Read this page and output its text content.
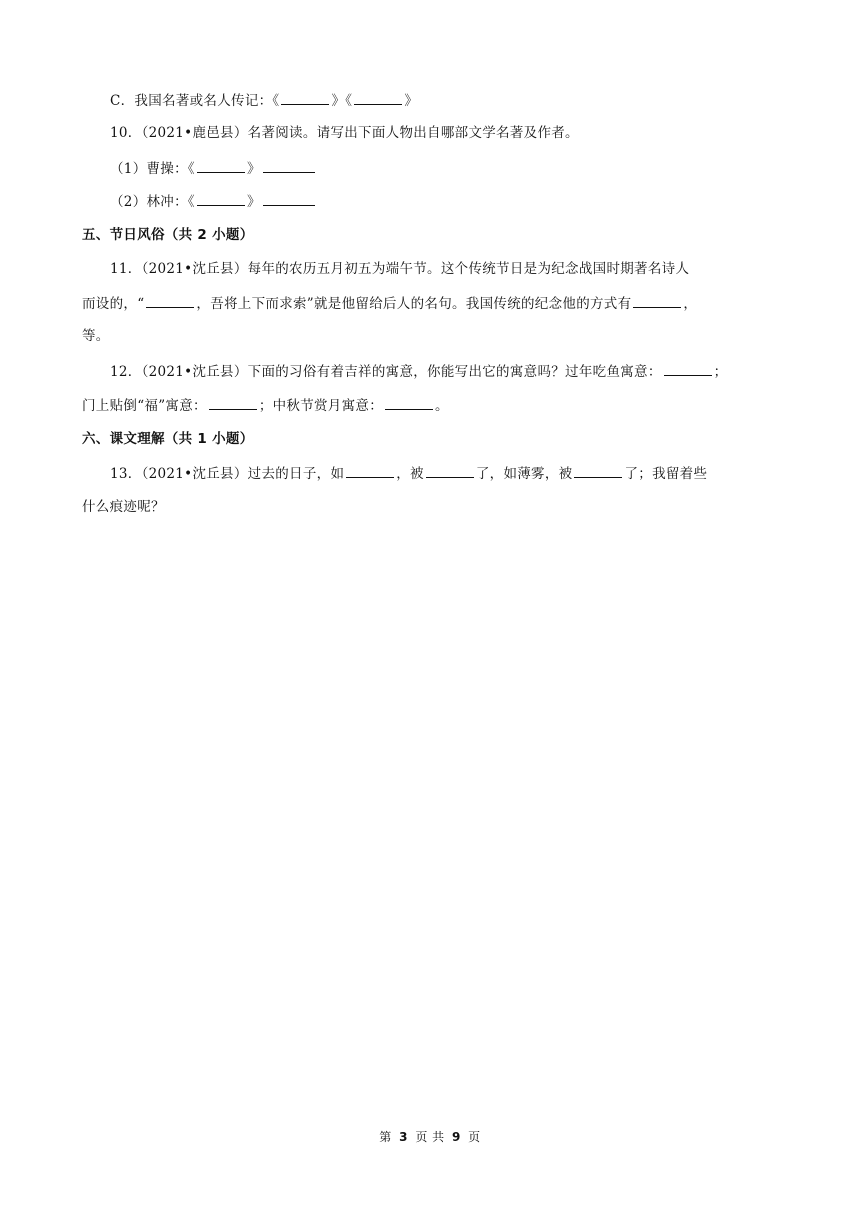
C．我国名著或名人传记：《	》《	》
10．（2021•鹿邑县）名著阅读。请写出下面人物出自哪部文学名著及作者。
（1）曹操：《	》
（2）林冲：《	》
五、节日风俗（共 2 小题）
11．（2021•沈丘县）每年的农历五月初五为端午节。这个传统节日是为纪念战国时期著名诗人
而设的，“	，吾将上下而求索”就是他留给后人的名句。我国传统的纪念他的方式有	，
等。
12．（2021•沈丘县）下面的习俗有着吉祥的寓意，你能写出它的寓意吗？过年吃鱼寓意：	；
门上贴倒“福”寓意：	；中秋节赏月寓意：	。
六、课文理解（共 1 小题）
13．（2021•沈丘县）过去的日子，如	，被	了，如薄雾，被	了；我留着些
什么痕迹呢？
第 3 页 共 9 页
